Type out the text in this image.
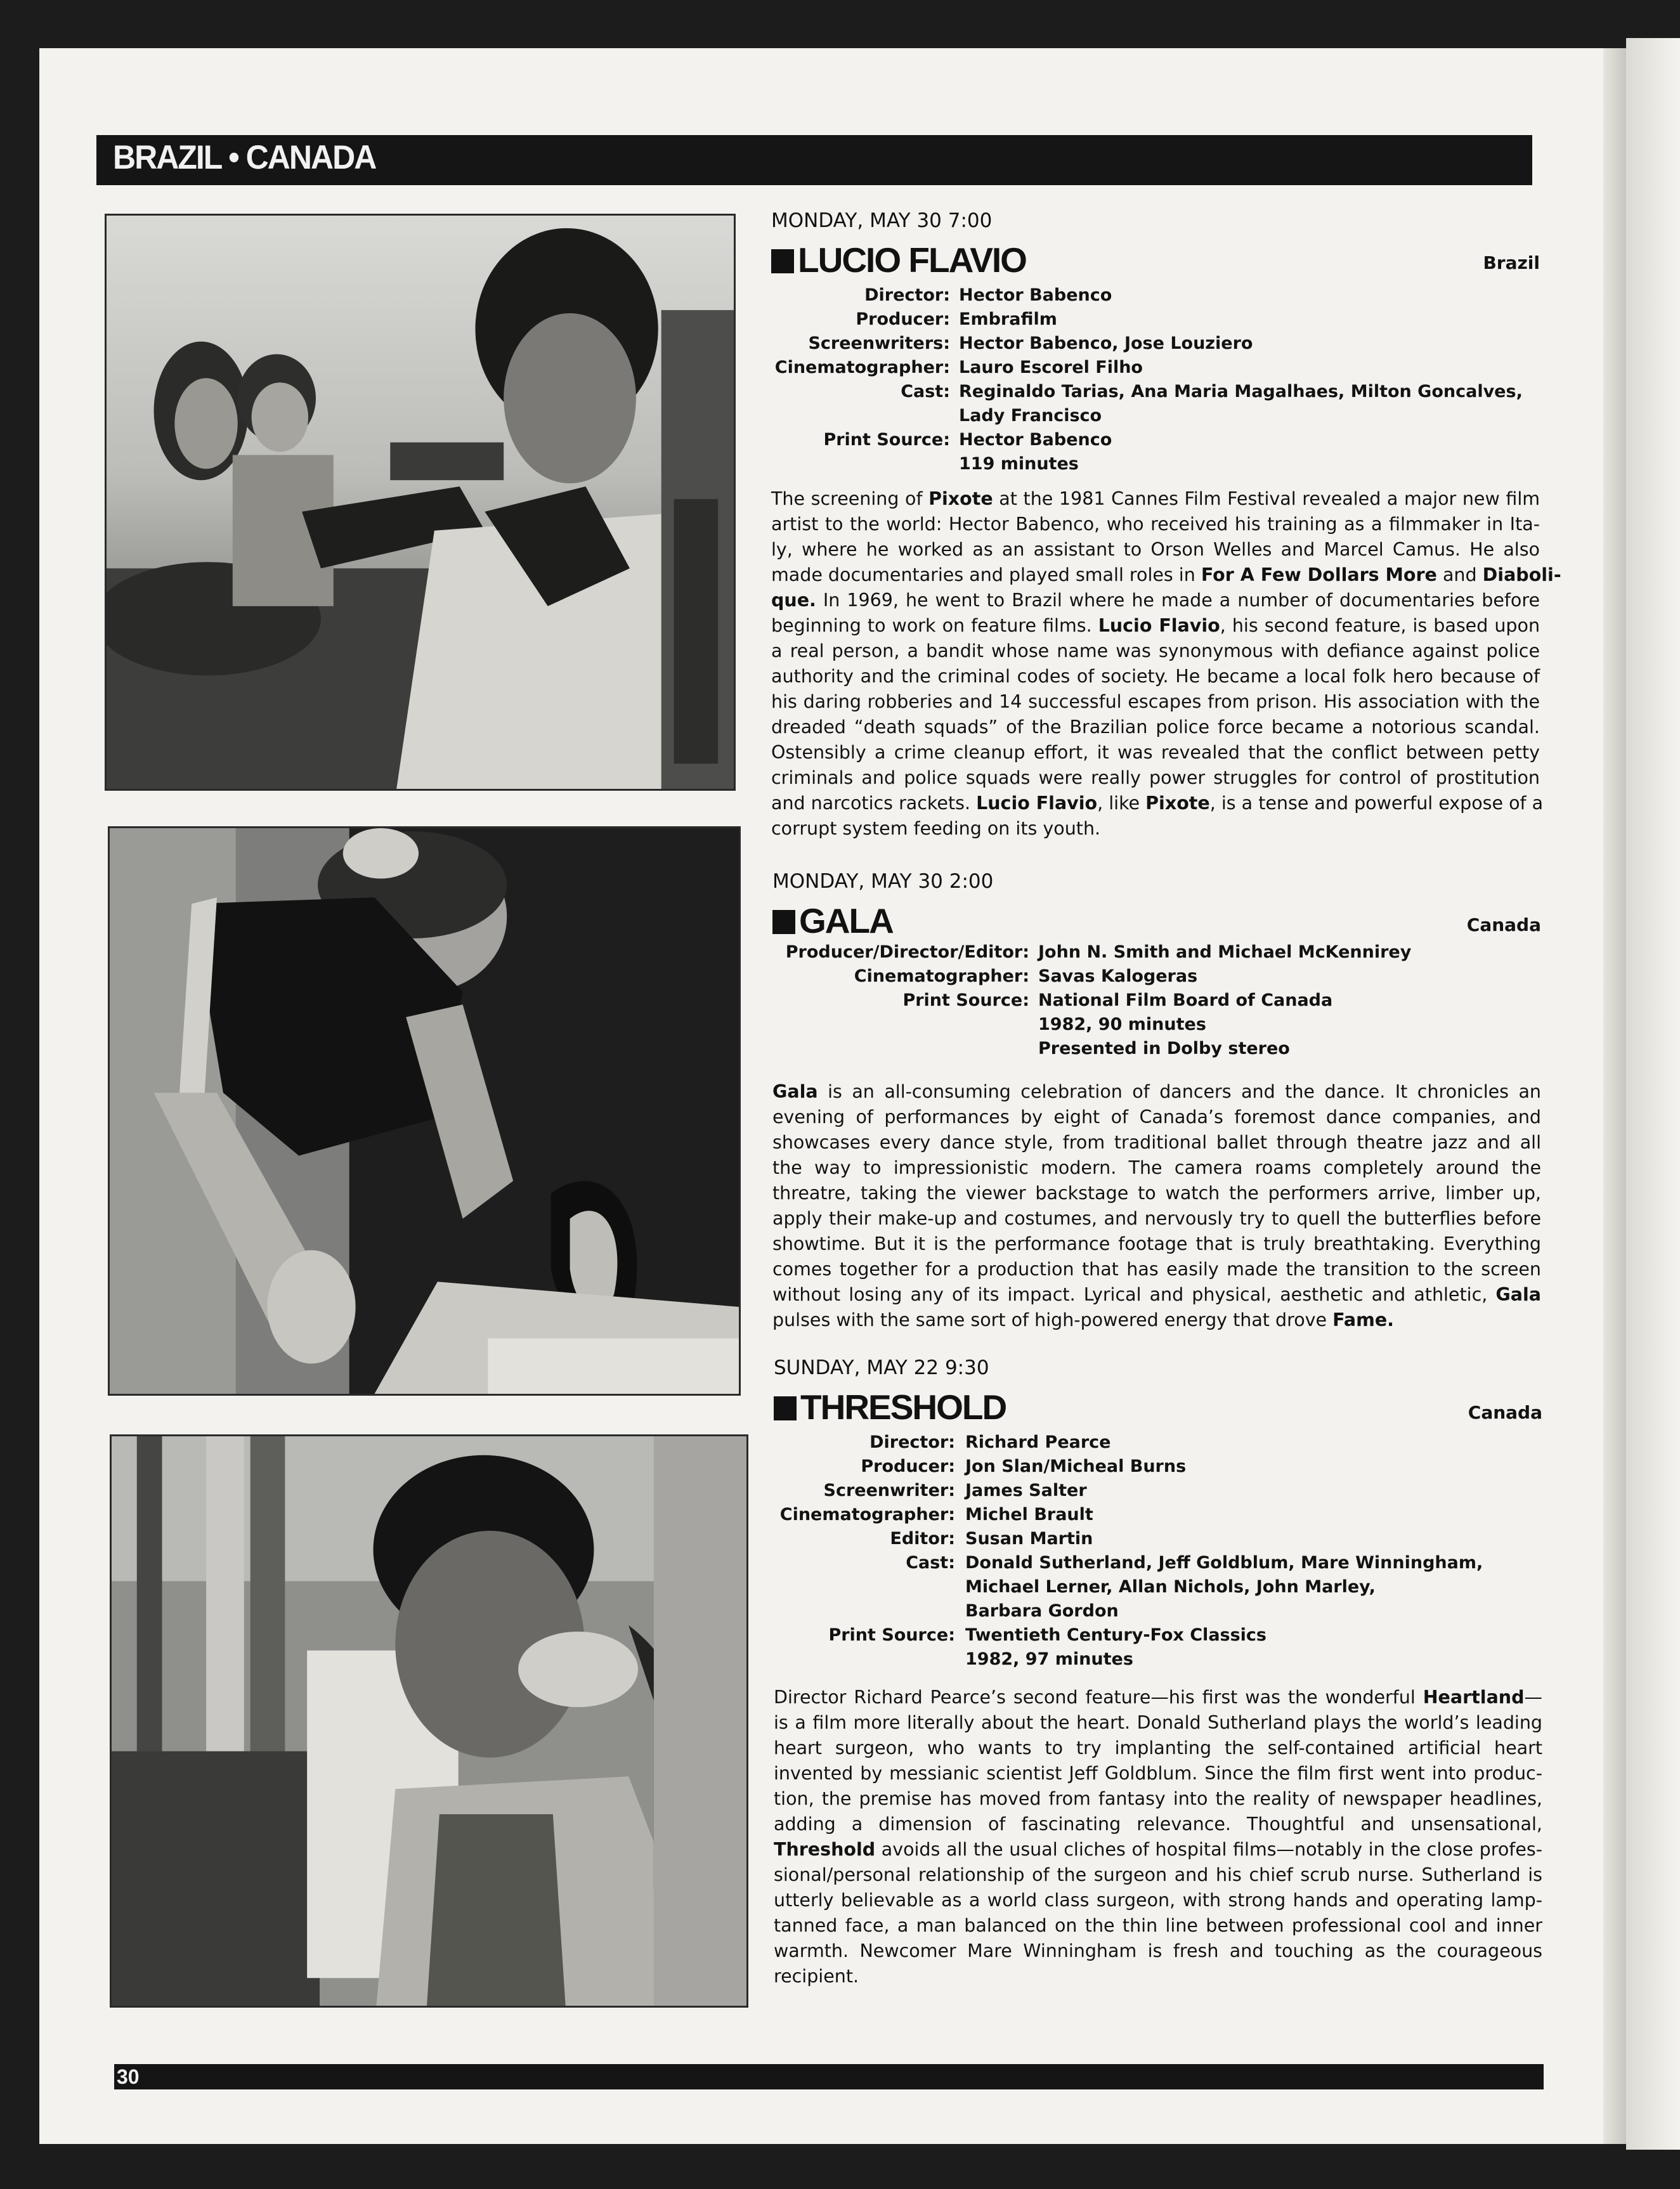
BRAZIL • CANADA
MONDAY, MAY 30 7:00
LUCIO FLAVIO	Brazil
Director: Hector Babenco
Producer: Embrafilm
Screenwriters: Hector Babenco, Jose Louziero
Cinematographer: Lauro Escorel Filho
Cast: Reginaldo Tarias, Ana Maria Magalhaes, Milton Goncalves,
Lady Francisco
Print Source: Hector Babenco
119 minutes
The screening of Pixote at the 1981 Cannes Film Festival revealed a major new film
artist to the world: Hector Babenco, who received his training as a filmmaker in Ita-
ly, where he worked as an assistant to Orson Welles and Marcel Camus. He also
made documentaries and played small roles in For A Few Dollars More and Diaboli-
que. In 1969, he went to Brazil where he made a number of documentaries before
beginning to work on feature films. Lucio Flavio, his second feature, is based upon
a real person, a bandit whose name was synonymous with defiance against police
authority and the criminal codes of society. He became a local folk hero because of
his daring robberies and 14 successful escapes from prison. His association with the
dreaded “death squads” of the Brazilian police force became a notorious scandal.
Ostensibly a crime cleanup effort, it was revealed that the conflict between petty
criminals and police squads were really power struggles for control of prostitution
and narcotics rackets. Lucio Flavio, like Pixote, is a tense and powerful expose of a
corrupt system feeding on its youth.
MONDAY, MAY 30 2:00
GALA	Canada
Producer/Director/Editor: John N. Smith and Michael McKennirey
Cinematographer: Savas Kalogeras
Print Source: National Film Board of Canada
1982, 90 minutes
Presented in Dolby stereo
Gala is an all-consuming celebration of dancers and the dance. It chronicles an
evening of performances by eight of Canada’s foremost dance companies, and
showcases every dance style, from traditional ballet through theatre jazz and all
the way to impressionistic modern. The camera roams completely around the
threatre, taking the viewer backstage to watch the performers arrive, limber up,
apply their make-up and costumes, and nervously try to quell the butterflies before
showtime. But it is the performance footage that is truly breathtaking. Everything
comes together for a production that has easily made the transition to the screen
without losing any of its impact. Lyrical and physical, aesthetic and athletic, Gala
pulses with the same sort of high-powered energy that drove Fame.
SUNDAY, MAY 22 9:30
THRESHOLD	Canada
Director: Richard Pearce
Producer: Jon Slan/Micheal Burns
Screenwriter: James Salter
Cinematographer: Michel Brault
Editor: Susan Martin
Cast: Donald Sutherland, Jeff Goldblum, Mare Winningham,
Michael Lerner, Allan Nichols, John Marley,
Barbara Gordon
Print Source: Twentieth Century-Fox Classics
1982, 97 minutes
Director Richard Pearce’s second feature—his first was the wonderful Heartland—
is a film more literally about the heart. Donald Sutherland plays the world’s leading
heart surgeon, who wants to try implanting the self-contained artificial heart
invented by messianic scientist Jeff Goldblum. Since the film first went into produc-
tion, the premise has moved from fantasy into the reality of newspaper headlines,
adding a dimension of fascinating relevance. Thoughtful and unsensational,
Threshold avoids all the usual cliches of hospital films—notably in the close profes-
sional/personal relationship of the surgeon and his chief scrub nurse. Sutherland is
utterly believable as a world class surgeon, with strong hands and operating lamp-
tanned face, a man balanced on the thin line between professional cool and inner
warmth. Newcomer Mare Winningham is fresh and touching as the courageous
recipient.
30
